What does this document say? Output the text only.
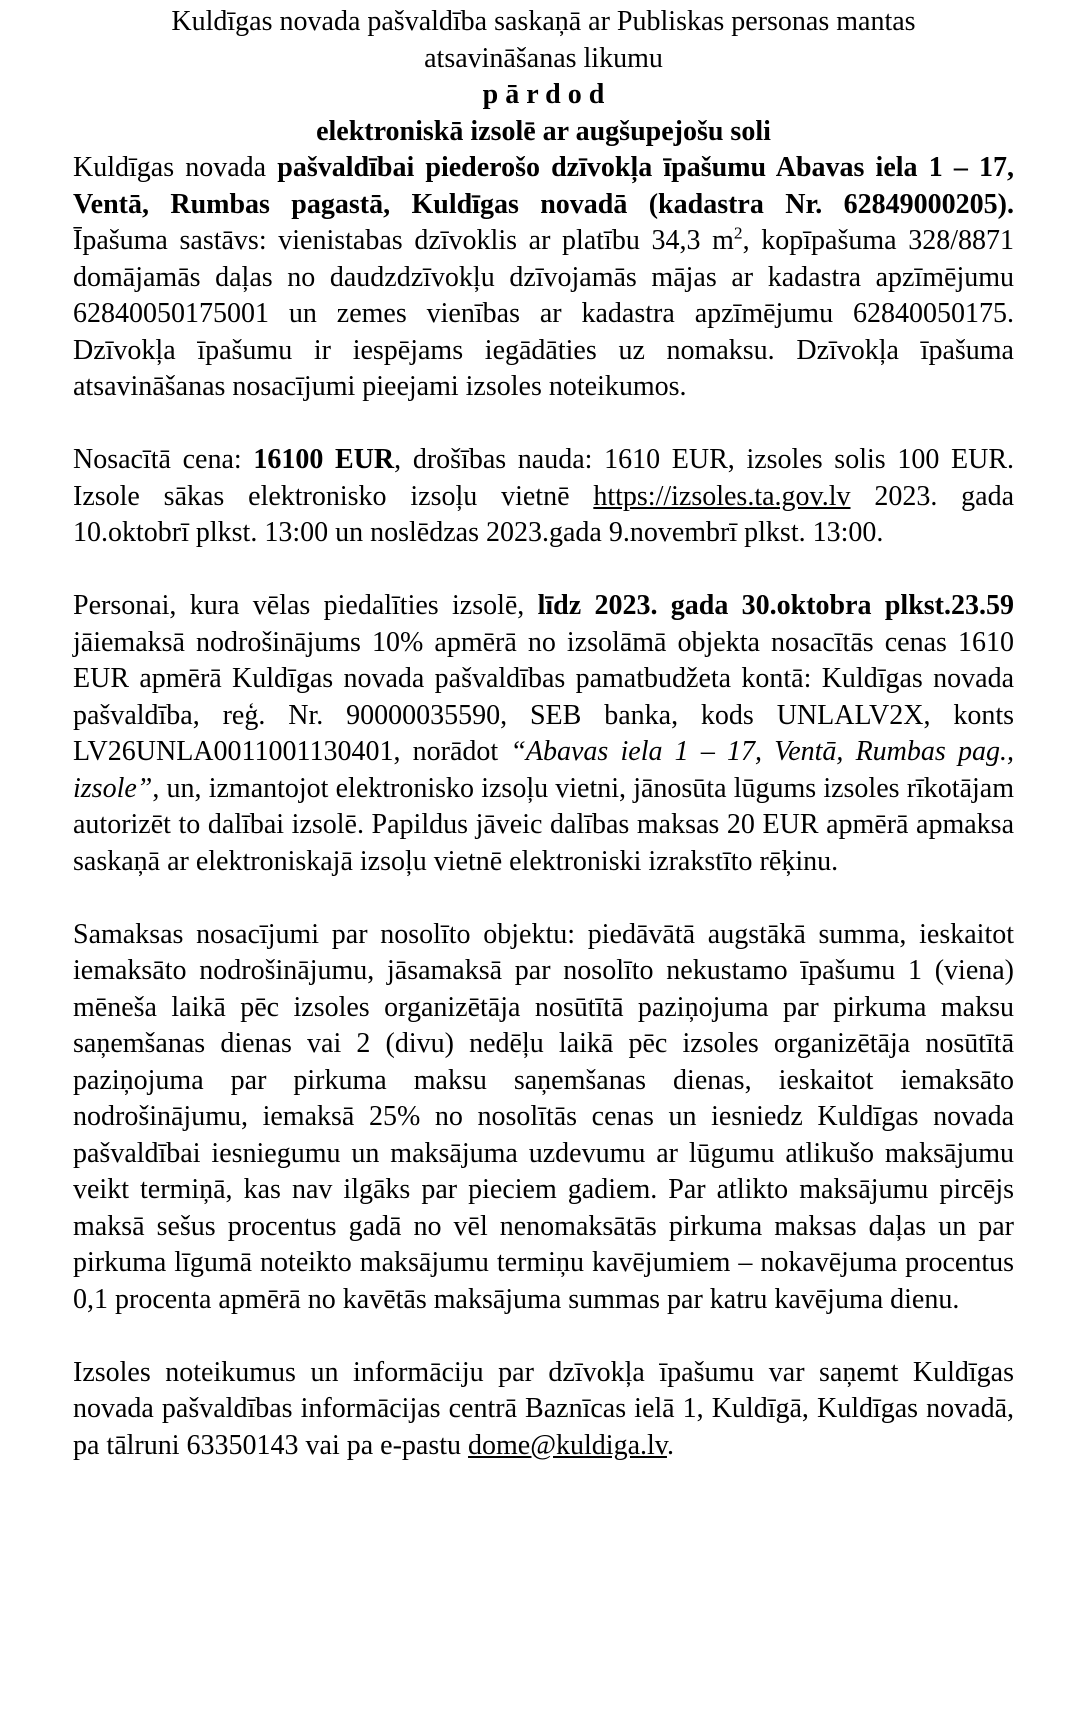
Kuldīgas novada pašvaldība saskaņā ar Publiskas personas mantas
atsavināšanas likumu
p ā r d o d
elektroniskā izsolē ar augšupejošu soli

Kuldīgas novada pašvaldībai piederošo dzīvokļa īpašumu Abavas iela 1 – 17, Ventā, Rumbas pagastā, Kuldīgas novadā (kadastra Nr. 62849000205). Īpašuma sastāvs: vienistabas dzīvoklis ar platību 34,3 $m^2$, kopīpašuma 328/8871 domājamās daļas no daudzdzīvokļu dzīvojamās mājas ar kadastra apzīmējumu 62840050175001 un zemes vienības ar kadastra apzīmējumu 62840050175. Dzīvokļa īpašumu ir iespējams iegādāties uz nomaksu. Dzīvokļa īpašuma atsavināšanas nosacījumi pieejami izsoles noteikumos.

Nosacītā cena: 16100 EUR, drošības nauda: 1610 EUR, izsoles solis 100 EUR. Izsole sākas elektronisko izsoļu vietnē https://izsoles.ta.gov.lv 2023. gada 10.oktobrī plkst. 13:00 un noslēdzas 2023.gada 9.novembrī plkst. 13:00.

Personai, kura vēlas piedalīties izsolē, līdz 2023. gada 30.oktobra plkst.23.59 jāiemaksā nodrošinājums 10% apmērā no izsolāmā objekta nosacītās cenas 1610 EUR apmērā Kuldīgas novada pašvaldības pamatbudžeta kontā: Kuldīgas novada pašvaldība, reģ. Nr. 90000035590, SEB banka, kods UNLALV2X, konts LV26UNLA0011001130401, norādot “Abavas iela 1 – 17, Ventā, Rumbas pag., izsole”, un, izmantojot elektronisko izsoļu vietni, jānosūta lūgums izsoles rīkotājam autorizēt to dalībai izsolē. Papildus jāveic dalības maksas 20 EUR apmērā apmaksa saskaņā ar elektroniskajā izsoļu vietnē elektroniski izrakstīto rēķinu.

Samaksas nosacījumi par nosolīto objektu: piedāvātā augstākā summa, ieskaitot iemaksāto nodrošinājumu, jāsamaksā par nosolīto nekustamo īpašumu 1 (viena) mēneša laikā pēc izsoles organizētāja nosūtītā paziņojuma par pirkuma maksu saņemšanas dienas vai 2 (divu) nedēļu laikā pēc izsoles organizētāja nosūtītā paziņojuma par pirkuma maksu saņemšanas dienas, ieskaitot iemaksāto nodrošinājumu, iemaksā 25% no nosolītās cenas un iesniedz Kuldīgas novada pašvaldībai iesniegumu un maksājuma uzdevumu ar lūgumu atlikušo maksājumu veikt termiņā, kas nav ilgāks par pieciem gadiem. Par atlikto maksājumu pircējs maksā sešus procentus gadā no vēl nenomaksātās pirkuma maksas daļas un par pirkuma līgumā noteikto maksājumu termiņu kavējumiem – nokavējuma procentus 0,1 procenta apmērā no kavētās maksājuma summas par katru kavējuma dienu.

Izsoles noteikumus un informāciju par dzīvokļa īpašumu var saņemt Kuldīgas novada pašvaldības informācijas centrā Baznīcas ielā 1, Kuldīgā, Kuldīgas novadā, pa tālruni 63350143 vai pa e-pastu dome@kuldiga.lv.
